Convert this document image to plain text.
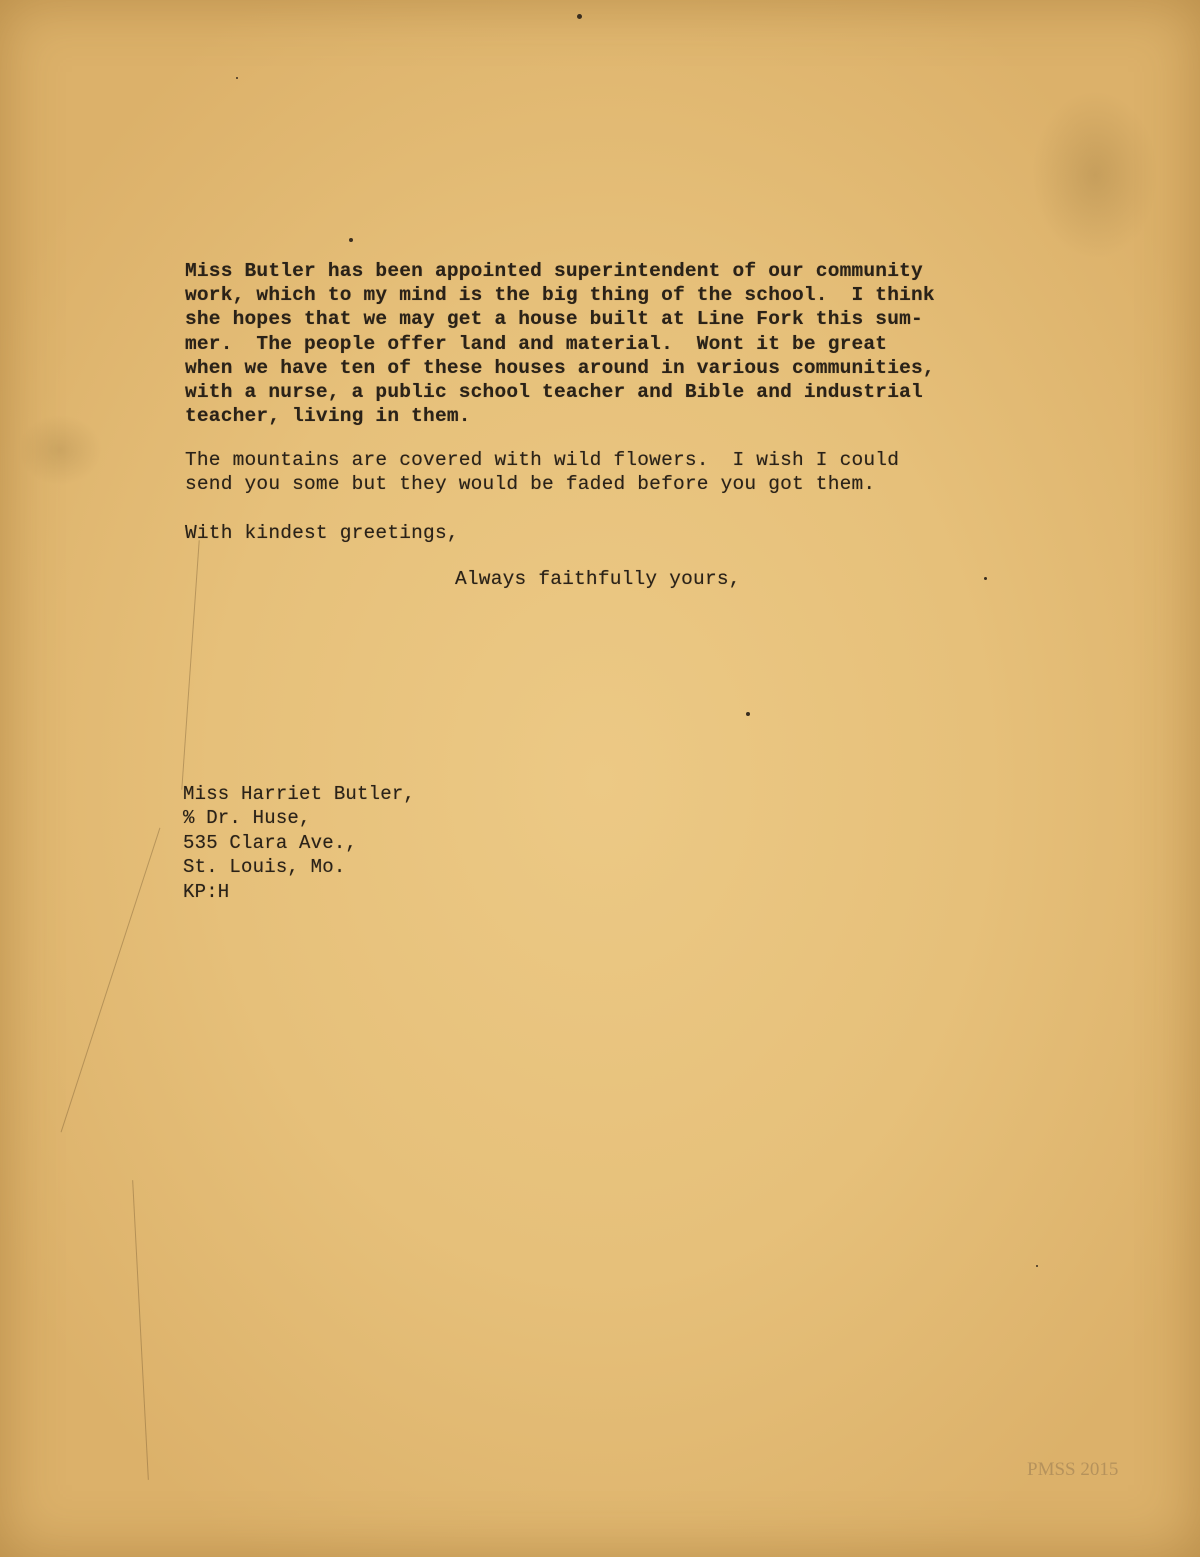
Miss Butler has been appointed superintendent of our community
work, which to my mind is the big thing of the school.  I think
she hopes that we may get a house built at Line Fork this sum-
mer.  The people offer land and material.  Wont it be great
when we have ten of these houses around in various communities,
with a nurse, a public school teacher and Bible and industrial
teacher, living in them.

The mountains are covered with wild flowers.  I wish I could
send you some but they would be faded before you got them.

With kindest greetings,

Always faithfully yours,

Miss Harriet Butler,
% Dr. Huse,
535 Clara Ave.,
St. Louis, Mo.
KP:H

PMSS 2015
